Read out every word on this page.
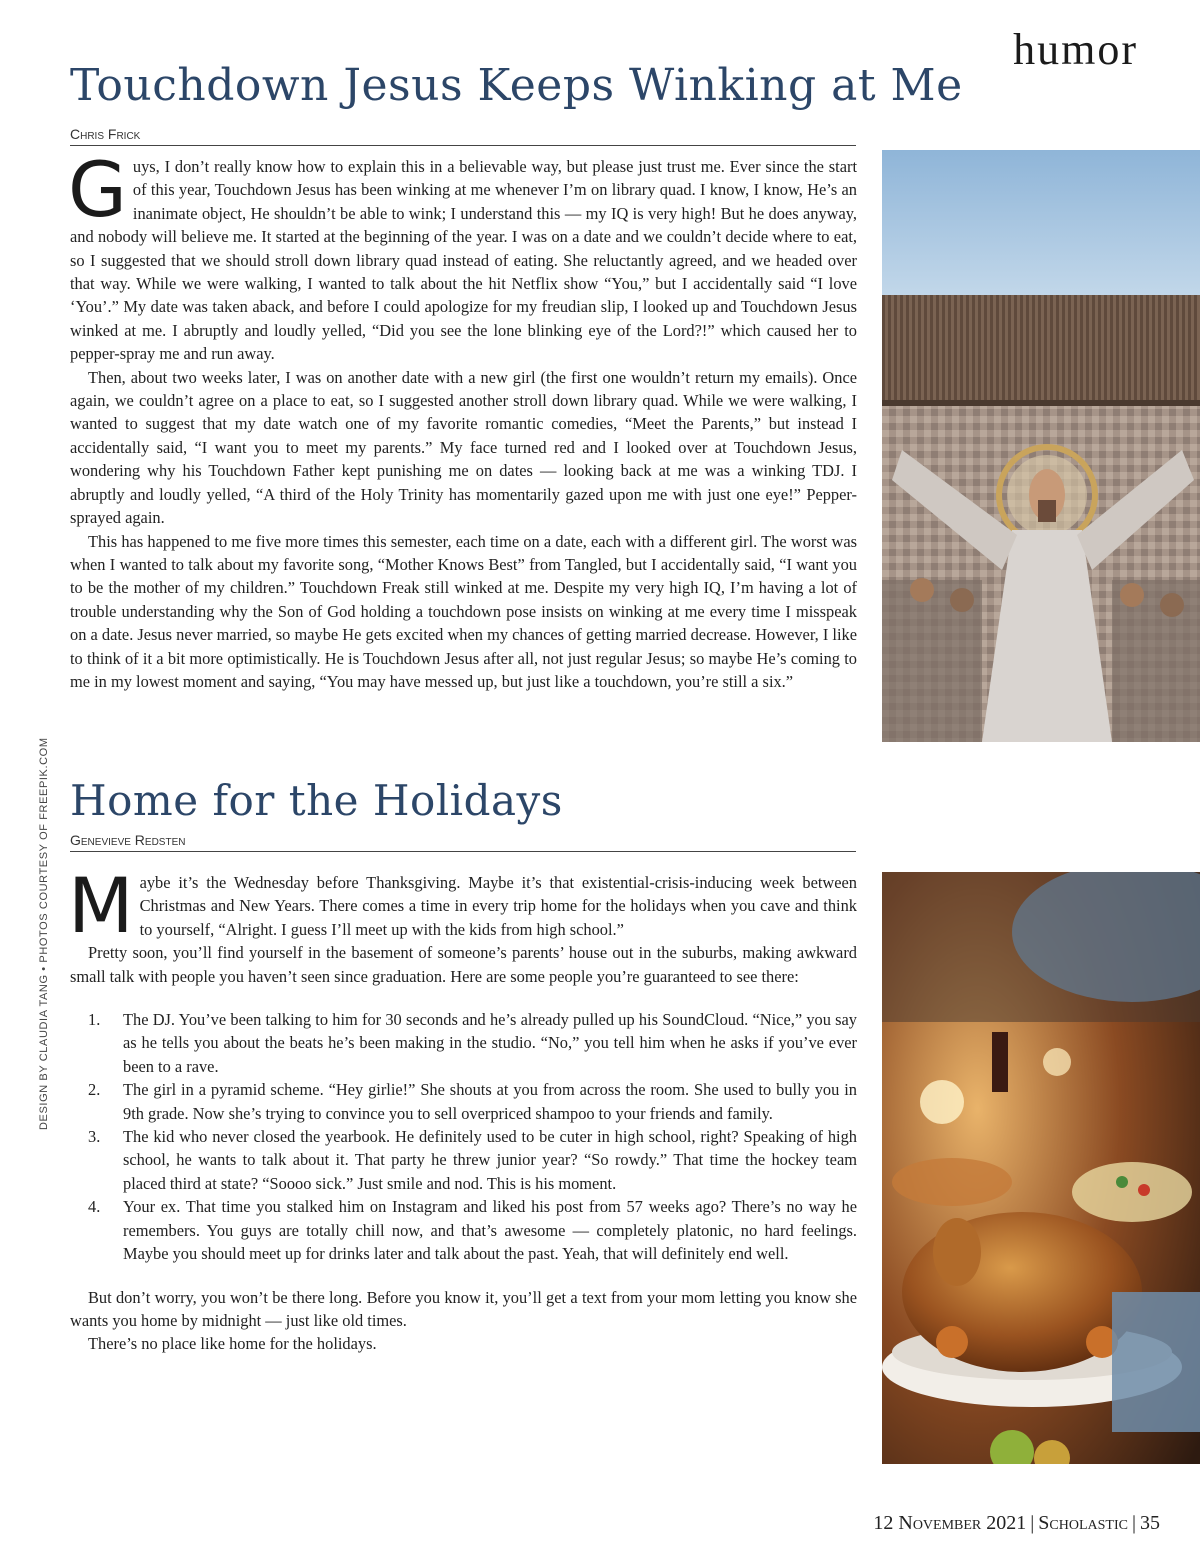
humor
Touchdown Jesus Keeps Winking at Me
Chris Frick

Guys, I don’t really know how to explain this in a believable way, but please just trust me. Ever since the start of this year, Touchdown Jesus has been winking at me whenever I’m on library quad. I know, I know, He’s an inanimate object, He shouldn’t be able to wink; I understand this — my IQ is very high! But he does anyway, and nobody will believe me. It started at the beginning of the year. I was on a date and we couldn’t decide where to eat, so I suggested that we should stroll down library quad instead of eating. She reluctantly agreed, and we headed over that way. While we were walking, I wanted to talk about the hit Netflix show “You,” but I accidentally said “I love ‘You’.” My date was taken aback, and before I could apologize for my freudian slip, I looked up and Touchdown Jesus winked at me. I abruptly and loudly yelled, “Did you see the lone blinking eye of the Lord?!” which caused her to pepper-spray me and run away.

Then, about two weeks later, I was on another date with a new girl (the first one wouldn’t return my emails). Once again, we couldn’t agree on a place to eat, so I suggested another stroll down library quad. While we were walking, I wanted to suggest that my date watch one of my favorite romantic comedies, “Meet the Parents,” but instead I accidentally said, “I want you to meet my parents.” My face turned red and I looked over at Touchdown Jesus, wondering why his Touchdown Father kept punishing me on dates — looking back at me was a winking TDJ. I abruptly and loudly yelled, “A third of the Holy Trinity has momentarily gazed upon me with just one eye!” Pepper-sprayed again.

This has happened to me five more times this semester, each time on a date, each with a different girl. The worst was when I wanted to talk about my favorite song, “Mother Knows Best” from Tangled, but I accidentally said, “I want you to be the mother of my children.” Touchdown Freak still winked at me. Despite my very high IQ, I’m having a lot of trouble understanding why the Son of God holding a touchdown pose insists on winking at me every time I misspeak on a date. Jesus never married, so maybe He gets excited when my chances of getting married decrease. However, I like to think of it a bit more optimistically. He is Touchdown Jesus after all, not just regular Jesus; so maybe He’s coming to me in my lowest moment and saying, “You may have messed up, but just like a touchdown, you’re still a six.”

Home for the Holidays
Genevieve Redsten

Maybe it’s the Wednesday before Thanksgiving. Maybe it’s that existential-crisis-inducing week between Christmas and New Years. There comes a time in every trip home for the holidays when you cave and think to yourself, “Alright. I guess I’ll meet up with the kids from high school.”

Pretty soon, you’ll find yourself in the basement of someone’s parents’ house out in the suburbs, making awkward small talk with people you haven’t seen since graduation. Here are some people you’re guaranteed to see there:

1. The DJ. You’ve been talking to him for 30 seconds and he’s already pulled up his SoundCloud. “Nice,” you say as he tells you about the beats he’s been making in the studio. “No,” you tell him when he asks if you’ve ever been to a rave.
2. The girl in a pyramid scheme. “Hey girlie!” She shouts at you from across the room. She used to bully you in 9th grade. Now she’s trying to convince you to sell overpriced shampoo to your friends and family.
3. The kid who never closed the yearbook. He definitely used to be cuter in high school, right? Speaking of high school, he wants to talk about it. That party he threw junior year? “So rowdy.” That time the hockey team placed third at state? “Soooo sick.” Just smile and nod. This is his moment.
4. Your ex. That time you stalked him on Instagram and liked his post from 57 weeks ago? There’s no way he remembers. You guys are totally chill now, and that’s awesome — completely platonic, no hard feelings. Maybe you should meet up for drinks later and talk about the past. Yeah, that will definitely end well.

But don’t worry, you won’t be there long. Before you know it, you’ll get a text from your mom letting you know she wants you home by midnight — just like old times.

There’s no place like home for the holidays.

DESIGN BY CLAUDIA TANG • PHOTOS COURTESY OF FREEPIK.COM
12 November 2021 | Scholastic | 35
